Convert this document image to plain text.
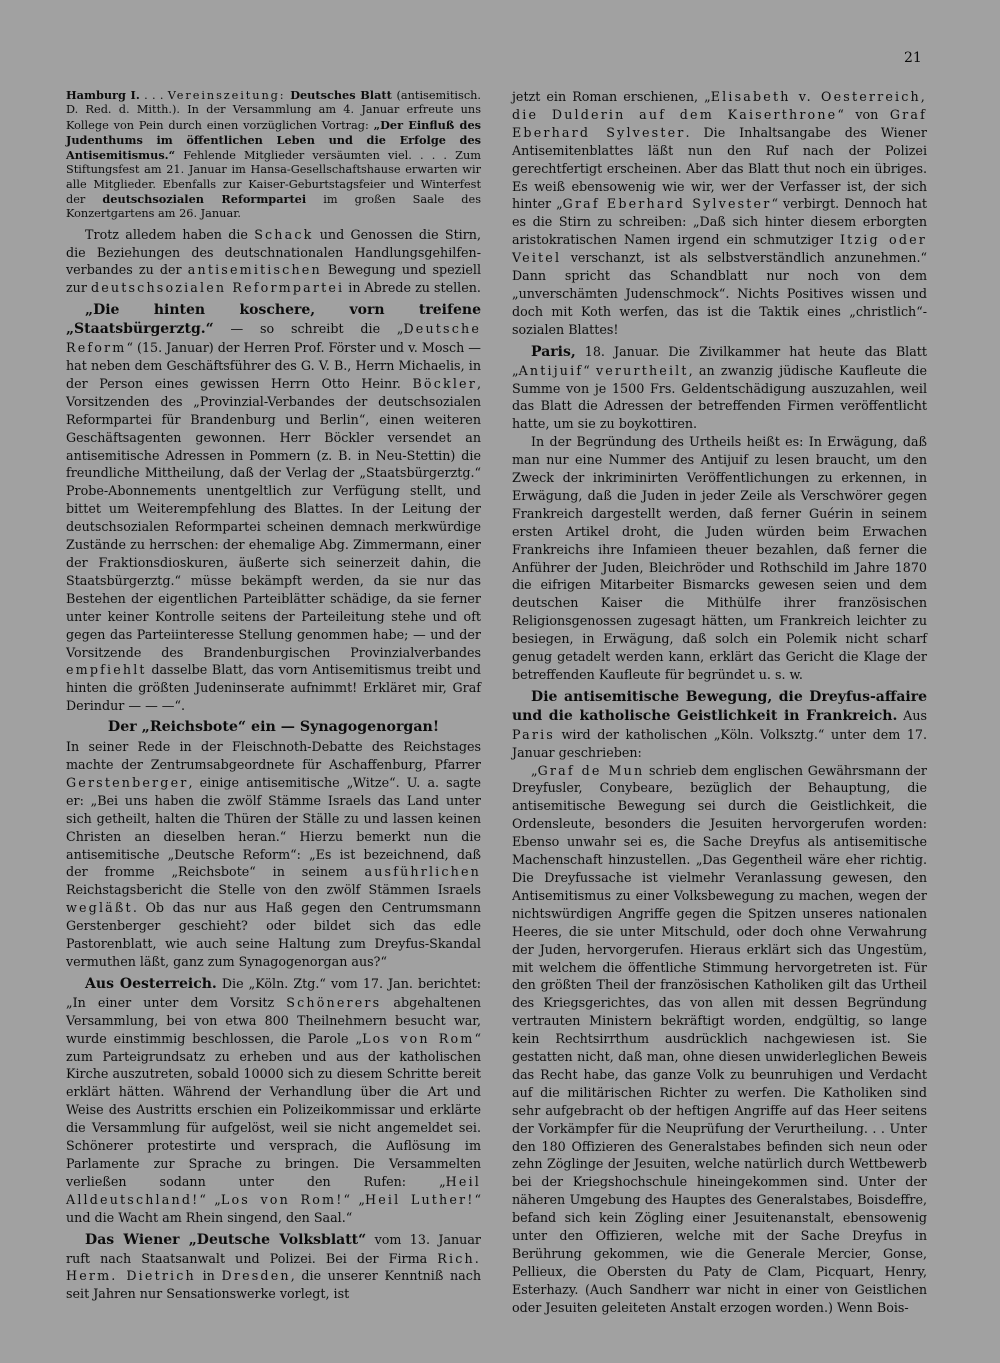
21

Hamburg I. . . . Vereinszeitung: Deutsches Blatt (antisemitisch. D. Red. d. Mitth.). In der Versammlung am 4. Januar erfreute uns Kollege von Pein durch einen vorzüglichen Vortrag: „Der Einfluß des Judenthums im öffentlichen Leben und die Erfolge des Antisemitismus.“ Fehlende Mitglieder versäumten viel. . . . Zum Stiftungsfest am 21. Januar im Hansa-Gesellschaftshause erwarten wir alle Mitglieder. Ebenfalls zur Kaiser-Geburtstagsfeier und Winterfest der deutschsozialen Reformpartei im großen Saale des Konzertgartens am 26. Januar.

Trotz alledem haben die Schack und Genossen die Stirn, die Beziehungen des deutschnationalen Handlungsgehilfen-verbandes zu der antisemitischen Bewegung und speziell zur deutschsozialen Reformpartei in Abrede zu stellen.

„Die hinten koschere, vorn treifene „Staatsbürgerztg.“ — so schreibt die „Deutsche Reform“ (15. Januar) der Herren Prof. Förster und v. Mosch — hat neben dem Geschäftsführer des G. V. B., Herrn Michaelis, in der Person eines gewissen Herrn Otto Heinr. Böckler, Vorsitzenden des „Provinzial-Verbandes der deutschsozialen Reformpartei für Brandenburg und Berlin“, einen weiteren Geschäftsagenten gewonnen. Herr Böckler versendet an antisemitische Adressen in Pommern (z. B. in Neu-Stettin) die freundliche Mittheilung, daß der Verlag der „Staatsbürgerztg.“ Probe-Abonnements unentgeltlich zur Verfügung stellt, und bittet um Weiterempfehlung des Blattes. In der Leitung der deutschsozialen Reformpartei scheinen demnach merkwürdige Zustände zu herrschen: der ehemalige Abg. Zimmermann, einer der Fraktionsdioskuren, äußerte sich seinerzeit dahin, die Staatsbürgerztg.“ müsse bekämpft werden, da sie nur das Bestehen der eigentlichen Parteiblätter schädige, da sie ferner unter keiner Kontrolle seitens der Parteileitung stehe und oft gegen das Parteiinteresse Stellung genommen habe; — und der Vorsitzende des Brandenburgischen Provinzialverbandes empfiehlt dasselbe Blatt, das vorn Antisemitismus treibt und hinten die größten Judeninserate aufnimmt! Erkläret mir, Graf Derindur — — —“.

Der „Reichsbote“ ein — Synagogenorgan!

In seiner Rede in der Fleischnoth-Debatte des Reichstages machte der Zentrumsabgeordnete für Aschaffenburg, Pfarrer Gerstenberger, einige antisemitische „Witze“. U. a. sagte er: „Bei uns haben die zwölf Stämme Israels das Land unter sich getheilt, halten die Thüren der Ställe zu und lassen keinen Christen an dieselben heran.“ Hierzu bemerkt nun die antisemitische „Deutsche Reform“: „Es ist bezeichnend, daß der fromme „Reichsbote“ in seinem ausführlichen Reichstagsbericht die Stelle von den zwölf Stämmen Israels wegläßt. Ob das nur aus Haß gegen den Centrumsmann Gerstenberger geschieht? oder bildet sich das edle Pastorenblatt, wie auch seine Haltung zum Dreyfus-Skandal vermuthen läßt, ganz zum Synagogenorgan aus?“

Aus Oesterreich. Die „Köln. Ztg.“ vom 17. Jan. berichtet: „In einer unter dem Vorsitz Schönerers abgehaltenen Versammlung, bei von etwa 800 Theilnehmern besucht war, wurde einstimmig beschlossen, die Parole „Los von Rom“ zum Parteigrundsatz zu erheben und aus der katholischen Kirche auszutreten, sobald 10000 sich zu diesem Schritte bereit erklärt hätten. Während der Verhandlung über die Art und Weise des Austritts erschien ein Polizeikommissar und erklärte die Versammlung für aufgelöst, weil sie nicht angemeldet sei. Schönerer protestirte und versprach, die Auflösung im Parlamente zur Sprache zu bringen. Die Versammelten verließen sodann unter den Rufen: „Heil Alldeutschland!“ „Los von Rom!“ „Heil Luther!“ und die Wacht am Rhein singend, den Saal.“

Das Wiener „Deutsche Volksblatt“ vom 13. Januar ruft nach Staatsanwalt und Polizei. Bei der Firma Rich. Herm. Dietrich in Dresden, die unserer Kenntniß nach seit Jahren nur Sensationswerke vorlegt, ist

jetzt ein Roman erschienen, „Elisabeth v. Oesterreich, die Dulderin auf dem Kaiserthrone“ von Graf Eberhard Sylvester. Die Inhaltsangabe des Wiener Antisemitenblattes läßt nun den Ruf nach der Polizei gerechtfertigt erscheinen. Aber das Blatt thut noch ein übriges. Es weiß ebensowenig wie wir, wer der Verfasser ist, der sich hinter „Graf Eberhard Sylvester“ verbirgt. Dennoch hat es die Stirn zu schreiben: „Daß sich hinter diesem erborgten aristokratischen Namen irgend ein schmutziger Itzig oder Veitel verschanzt, ist als selbstverständlich anzunehmen.“ Dann spricht das Schandblatt nur noch von dem „unverschämten Judenschmock“. Nichts Positives wissen und doch mit Koth werfen, das ist die Taktik eines „christlich“-sozialen Blattes!

Paris, 18. Januar. Die Zivilkammer hat heute das Blatt „Antijuif“ verurtheilt, an zwanzig jüdische Kaufleute die Summe von je 1500 Frs. Geldentschädigung auszuzahlen, weil das Blatt die Adressen der betreffenden Firmen veröffentlicht hatte, um sie zu boykottiren.

In der Begründung des Urtheils heißt es: In Erwägung, daß man nur eine Nummer des Antijuif zu lesen braucht, um den Zweck der inkriminirten Veröffentlichungen zu erkennen, in Erwägung, daß die Juden in jeder Zeile als Verschwörer gegen Frankreich dargestellt werden, daß ferner Guérin in seinem ersten Artikel droht, die Juden würden beim Erwachen Frankreichs ihre Infamieen theuer bezahlen, daß ferner die Anführer der Juden, Bleichröder und Rothschild im Jahre 1870 die eifrigen Mitarbeiter Bismarcks gewesen seien und dem deutschen Kaiser die Mithülfe ihrer französischen Religionsgenossen zugesagt hätten, um Frankreich leichter zu besiegen, in Erwägung, daß solch ein Polemik nicht scharf genug getadelt werden kann, erklärt das Gericht die Klage der betreffenden Kaufleute für begründet u. s. w.

Die antisemitische Bewegung, die Dreyfus-affaire und die katholische Geistlichkeit in Frankreich. Aus Paris wird der katholischen „Köln. Volksztg.“ unter dem 17. Januar geschrieben:

„Graf de Mun schrieb dem englischen Gewährsmann der Dreyfusler, Conybeare, bezüglich der Behauptung, die antisemitische Bewegung sei durch die Geistlichkeit, die Ordensleute, besonders die Jesuiten hervorgerufen worden: Ebenso unwahr sei es, die Sache Dreyfus als antisemitische Machenschaft hinzustellen. „Das Gegentheil wäre eher richtig. Die Dreyfussache ist vielmehr Veranlassung gewesen, den Antisemitismus zu einer Volksbewegung zu machen, wegen der nichtswürdigen Angriffe gegen die Spitzen unseres nationalen Heeres, die sie unter Mitschuld, oder doch ohne Verwahrung der Juden, hervorgerufen. Hieraus erklärt sich das Ungestüm, mit welchem die öffentliche Stimmung hervorgetreten ist. Für den größten Theil der französischen Katholiken gilt das Urtheil des Kriegsgerichtes, das von allen mit dessen Begründung vertrauten Ministern bekräftigt worden, endgültig, so lange kein Rechtsirrthum ausdrücklich nachgewiesen ist. Sie gestatten nicht, daß man, ohne diesen unwiderleglichen Beweis das Recht habe, das ganze Volk zu beunruhigen und Verdacht auf die militärischen Richter zu werfen. Die Katholiken sind sehr aufgebracht ob der heftigen Angriffe auf das Heer seitens der Vorkämpfer für die Neuprüfung der Verurtheilung. . . Unter den 180 Offizieren des Generalstabes befinden sich neun oder zehn Zöglinge der Jesuiten, welche natürlich durch Wettbewerb bei der Kriegshochschule hineingekommen sind. Unter der näheren Umgebung des Hauptes des Generalstabes, Boisdeffre, befand sich kein Zögling einer Jesuitenanstalt, ebensowenig unter den Offizieren, welche mit der Sache Dreyfus in Berührung gekommen, wie die Generale Mercier, Gonse, Pellieux, die Obersten du Paty de Clam, Picquart, Henry, Esterhazy. (Auch Sandherr war nicht in einer von Geistlichen oder Jesuiten geleiteten Anstalt erzogen worden.) Wenn Bois-
